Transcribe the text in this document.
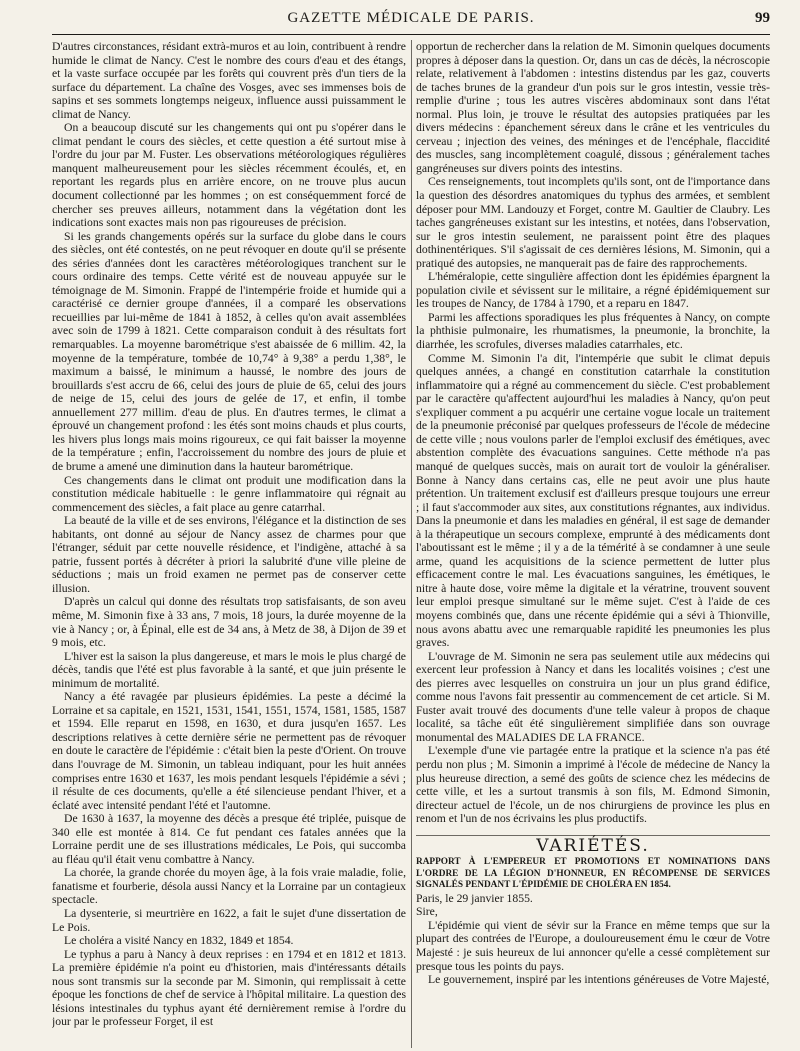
GAZETTE MÉDICALE DE PARIS.	99

D'autres circonstances, résidant extrà-muros et au loin, contribuent à rendre humide le climat de Nancy. C'est le nombre des cours d'eau et des étangs, et la vaste surface occupée par les forêts qui couvrent près d'un tiers de la surface du département. La chaîne des Vosges, avec ses immenses bois de sapins et ses sommets longtemps neigeux, influence aussi puissamment le climat de Nancy.

On a beaucoup discuté sur les changements qui ont pu s'opérer dans le climat pendant le cours des siècles, et cette question a été surtout mise à l'ordre du jour par M. Fuster. Les observations météorologiques régulières manquent malheureusement pour les siècles récemment écoulés, et, en reportant les regards plus en arrière encore, on ne trouve plus aucun document collectionné par les hommes ; on est conséquemment forcé de chercher ses preuves ailleurs, notamment dans la végétation dont les indications sont exactes mais non pas rigoureuses de précision.

Si les grands changements opérés sur la surface du globe dans le cours des siècles, ont été contestés, on ne peut révoquer en doute qu'il se présente des séries d'années dont les caractères météorologiques tranchent sur le cours ordinaire des temps. Cette vérité est de nouveau appuyée sur le témoignage de M. Simonin. Frappé de l'intempérie froide et humide qui a caractérisé ce dernier groupe d'années, il a comparé les observations recueillies par lui-même de 1841 à 1852, à celles qu'on avait assemblées avec soin de 1799 à 1821. Cette comparaison conduit à des résultats fort remarquables. La moyenne barométrique s'est abaissée de 6 millim. 42, la moyenne de la température, tombée de 10,74° à 9,38° a perdu 1,38°, le maximum a baissé, le minimum a haussé, le nombre des jours de brouillards s'est accru de 66, celui des jours de pluie de 65, celui des jours de neige de 15, celui des jours de gelée de 17, et enfin, il tombe annuellement 277 millim. d'eau de plus. En d'autres termes, le climat a éprouvé un changement profond : les étés sont moins chauds et plus courts, les hivers plus longs mais moins rigoureux, ce qui fait baisser la moyenne de la température ; enfin, l'accroissement du nombre des jours de pluie et de brume a amené une diminution dans la hauteur barométrique.

Ces changements dans le climat ont produit une modification dans la constitution médicale habituelle : le genre inflammatoire qui régnait au commencement des siècles, a fait place au genre catarrhal.

La beauté de la ville et de ses environs, l'élégance et la distinction de ses habitants, ont donné au séjour de Nancy assez de charmes pour que l'étranger, séduit par cette nouvelle résidence, et l'indigène, attaché à sa patrie, fussent portés à décréter à priori la salubrité d'une ville pleine de séductions ; mais un froid examen ne permet pas de conserver cette illusion.

D'après un calcul qui donne des résultats trop satisfaisants, de son aveu même, M. Simonin fixe à 33 ans, 7 mois, 18 jours, la durée moyenne de la vie à Nancy ; or, à Épinal, elle est de 34 ans, à Metz de 38, à Dijon de 39 et 9 mois, etc.

L'hiver est la saison la plus dangereuse, et mars le mois le plus chargé de décès, tandis que l'été est plus favorable à la santé, et que juin présente le minimum de mortalité.

Nancy a été ravagée par plusieurs épidémies. La peste a décimé la Lorraine et sa capitale, en 1521, 1531, 1541, 1551, 1574, 1581, 1585, 1587 et 1594. Elle reparut en 1598, en 1630, et dura jusqu'en 1657. Les descriptions relatives à cette dernière série ne permettent pas de révoquer en doute le caractère de l'épidémie : c'était bien la peste d'Orient. On trouve dans l'ouvrage de M. Simonin, un tableau indiquant, pour les huit années comprises entre 1630 et 1637, les mois pendant lesquels l'épidémie a sévi ; il résulte de ces documents, qu'elle a été silencieuse pendant l'hiver, et a éclaté avec intensité pendant l'été et l'automne.

De 1630 à 1637, la moyenne des décès a presque été triplée, puisque de 340 elle est montée à 814. Ce fut pendant ces fatales années que la Lorraine perdit une de ses illustrations médicales, Le Pois, qui succomba au fléau qu'il était venu combattre à Nancy.

La chorée, la grande chorée du moyen âge, à la fois vraie maladie, folie, fanatisme et fourberie, désola aussi Nancy et la Lorraine par un contagieux spectacle.

La dysenterie, si meurtrière en 1622, a fait le sujet d'une dissertation de Le Pois.

Le choléra a visité Nancy en 1832, 1849 et 1854.

Le typhus a paru à Nancy à deux reprises : en 1794 et en 1812 et 1813. La première épidémie n'a point eu d'historien, mais d'intéressants détails nous sont transmis sur la seconde par M. Simonin, qui remplissait à cette époque les fonctions de chef de service à l'hôpital militaire. La question des lésions intestinales du typhus ayant été dernièrement remise à l'ordre du jour par le professeur Forget, il est

opportun de rechercher dans la relation de M. Simonin quelques documents propres à déposer dans la question. Or, dans un cas de décès, la nécroscopie relate, relativement à l'abdomen : intestins distendus par les gaz, couverts de taches brunes de la grandeur d'un pois sur le gros intestin, vessie très-remplie d'urine ; tous les autres viscères abdominaux sont dans l'état normal. Plus loin, je trouve le résultat des autopsies pratiquées par les divers médecins : épanchement séreux dans le crâne et les ventricules du cerveau ; injection des veines, des méninges et de l'encéphale, flaccidité des muscles, sang incomplètement coagulé, dissous ; généralement taches gangréneuses sur divers points des intestins.

Ces renseignements, tout incomplets qu'ils sont, ont de l'importance dans la question des désordres anatomiques du typhus des armées, et semblent déposer pour MM. Landouzy et Forget, contre M. Gaultier de Claubry. Les taches gangréneuses existant sur les intestins, et notées, dans l'observation, sur le gros intestin seulement, ne paraissent point être des plaques dothinentériques. S'il s'agissait de ces dernières lésions, M. Simonin, qui a pratiqué des autopsies, ne manquerait pas de faire des rapprochements.

L'héméralopie, cette singulière affection dont les épidémies épargnent la population civile et sévissent sur le militaire, a régné épidémiquement sur les troupes de Nancy, de 1784 à 1790, et a reparu en 1847.

Parmi les affections sporadiques les plus fréquentes à Nancy, on compte la phthisie pulmonaire, les rhumatismes, la pneumonie, la bronchite, la diarrhée, les scrofules, diverses maladies catarrhales, etc.

Comme M. Simonin l'a dit, l'intempérie que subit le climat depuis quelques années, a changé en constitution catarrhale la constitution inflammatoire qui a régné au commencement du siècle. C'est probablement par le caractère qu'affectent aujourd'hui les maladies à Nancy, qu'on peut s'expliquer comment a pu acquérir une certaine vogue locale un traitement de la pneumonie préconisé par quelques professeurs de l'école de médecine de cette ville ; nous voulons parler de l'emploi exclusif des émétiques, avec abstention complète des évacuations sanguines. Cette méthode n'a pas manqué de quelques succès, mais on aurait tort de vouloir la généraliser. Bonne à Nancy dans certains cas, elle ne peut avoir une plus haute prétention. Un traitement exclusif est d'ailleurs presque toujours une erreur ; il faut s'accommoder aux sites, aux constitutions régnantes, aux individus. Dans la pneumonie et dans les maladies en général, il est sage de demander à la thérapeutique un secours complexe, emprunté à des médicaments dont l'aboutissant est le même ; il y a de la témérité à se condamner à une seule arme, quand les acquisitions de la science permettent de lutter plus efficacement contre le mal. Les évacuations sanguines, les émétiques, le nitre à haute dose, voire même la digitale et la vératrine, trouvent souvent leur emploi presque simultané sur le même sujet. C'est à l'aide de ces moyens combinés que, dans une récente épidémie qui a sévi à Thionville, nous avons abattu avec une remarquable rapidité les pneumonies les plus graves.

L'ouvrage de M. Simonin ne sera pas seulement utile aux médecins qui exercent leur profession à Nancy et dans les localités voisines ; c'est une des pierres avec lesquelles on construira un jour un plus grand édifice, comme nous l'avons fait pressentir au commencement de cet article. Si M. Fuster avait trouvé des documents d'une telle valeur à propos de chaque localité, sa tâche eût été singulièrement simplifiée dans son ouvrage monumental des MALADIES DE LA FRANCE.

L'exemple d'une vie partagée entre la pratique et la science n'a pas été perdu non plus ; M. Simonin a imprimé à l'école de médecine de Nancy la plus heureuse direction, a semé des goûts de science chez les médecins de cette ville, et les a surtout transmis à son fils, M. Edmond Simonin, directeur actuel de l'école, un de nos chirurgiens de province les plus en renom et l'un de nos écrivains les plus productifs.

VARIÉTÉS.

RAPPORT À L'EMPEREUR ET PROMOTIONS ET NOMINATIONS DANS L'ORDRE DE LA LÉGION D'HONNEUR, EN RÉCOMPENSE DE SERVICES SIGNALÉS PENDANT L'ÉPIDÉMIE DE CHOLÉRA EN 1854.

Paris, le 29 janvier 1855.

Sire,

L'épidémie qui vient de sévir sur la France en même temps que sur la plupart des contrées de l'Europe, a douloureusement ému le cœur de Votre Majesté : je suis heureux de lui annoncer qu'elle a cessé complètement sur presque tous les points du pays.

Le gouvernement, inspiré par les intentions généreuses de Votre Majesté,
